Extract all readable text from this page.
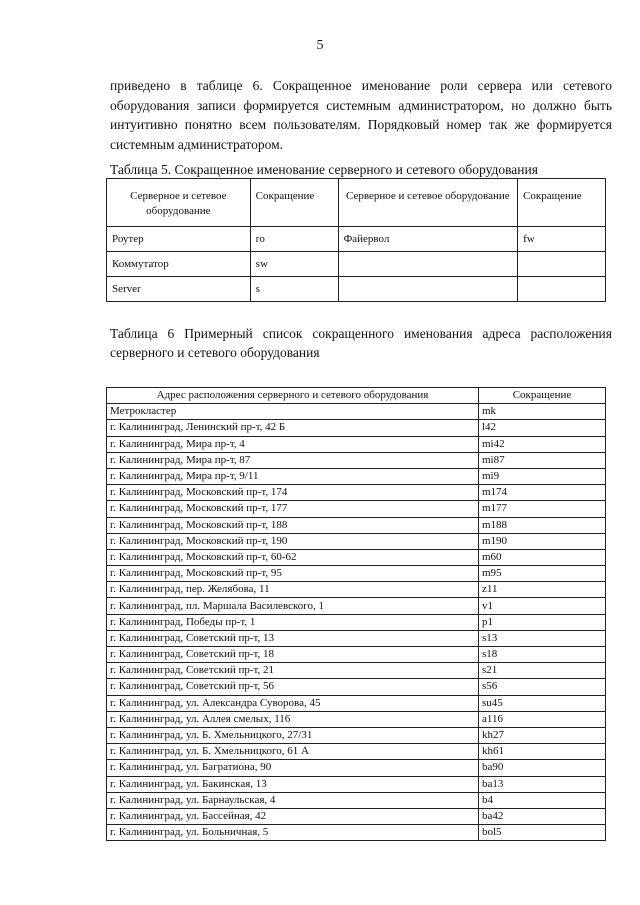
5
приведено в таблице 6. Сокращенное именование роли сервера или сетевого оборудования записи формируется системным администратором, но должно быть интуитивно понятно всем пользователям. Порядковый номер так же формируется системным администратором.
Таблица 5. Сокращенное именование серверного и сетевого оборудования
Серверное и сетевое оборудование	Сокращение	Серверное и сетевое оборудование	Сокращение
Роутер	ro	Файервол	fw
Коммутатор	sw		
Server	s		
Таблица 6 Примерный список сокращенного именования адреса расположения серверного и сетевого оборудования
Адрес расположения серверного и сетевого оборудования	Сокращение
Метрокластер	mk
г. Калининград, Ленинский пр-т, 42 Б	l42
г. Калининград, Мира пр-т, 4	mi42
г. Калининград, Мира пр-т, 87	mi87
г. Калининград, Мира пр-т, 9/11	mi9
г. Калининград, Московский пр-т, 174	m174
г. Калининград, Московский пр-т, 177	m177
г. Калининград, Московский пр-т, 188	m188
г. Калининград, Московский пр-т, 190	m190
г. Калининград, Московский пр-т, 60-62	m60
г. Калининград, Московский пр-т, 95	m95
г. Калининград, пер. Желябова, 11	z11
г. Калининград, пл. Маршала Василевского, 1	v1
г. Калининград, Победы пр-т, 1	p1
г. Калининград, Советский пр-т, 13	s13
г. Калининград, Советский пр-т, 18	s18
г. Калининград, Советский пр-т, 21	s21
г. Калининград, Советский пр-т, 56	s56
г. Калининград, ул. Александра Суворова, 45	su45
г. Калининград, ул. Аллея смелых, 116	a116
г. Калининград, ул. Б. Хмельницкого, 27/31	kh27
г. Калининград, ул. Б. Хмельницкого, 61 А	kh61
г. Калининград, ул. Багратиона, 90	ba90
г. Калининград, ул. Бакинская, 13	ba13
г. Калининград, ул. Барнаульская, 4	b4
г. Калининград, ул. Бассейная, 42	ba42
г. Калининград, ул. Больничная, 5	bol5
